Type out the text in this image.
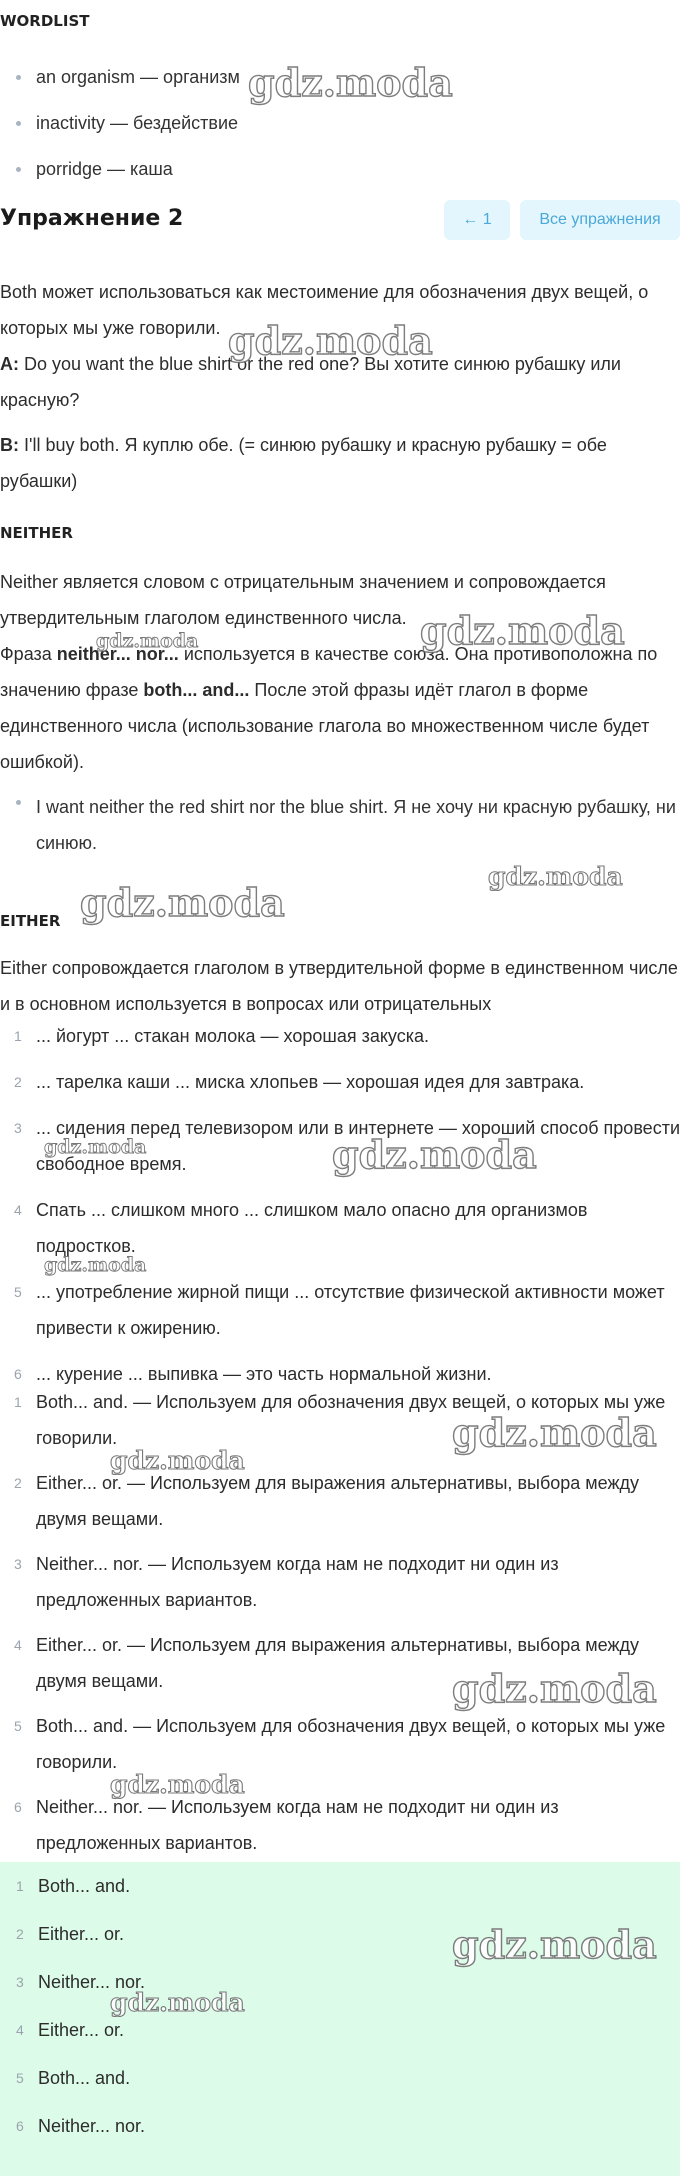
WORDLIST
an organism — организм
inactivity — бездействие
porridge — каша
Упражнение 2	← 1	Все упражнения

Both может использоваться как местоимение для обозначения двух вещей, о которых мы уже говорили.

A: Do you want the blue shirt or the red one? Вы хотите синюю рубашку или красную?

B: I'll buy both. Я куплю обе. (= синюю рубашку и красную рубашку = обе рубашки)

NEITHER

Neither является словом с отрицательным значением и сопровождается утвердительным глаголом единственного числа.

Фраза neither... nor... используется в качестве союза. Она противоположна по значению фразе both... and... После этой фразы идёт глагол в форме единственного числа (использование глагола во множественном числе будет ошибкой).

I want neither the red shirt nor the blue shirt. Я не хочу ни красную рубашку, ни синюю.
EITHER

Either сопровождается глаголом в утвердительной форме в единственном числе и в основном используется в вопросах или отрицательных

1 ... йогурт ... стакан молока — хорошая закуска.
2 ... тарелка каши ... миска хлопьев — хорошая идея для завтрака.
3 ... сидения перед телевизором или в интернете — хороший способ провести свободное время.
4 Спать ... слишком много ... слишком мало опасно для организмов подростков.
5 ... употребление жирной пищи ... отсутствие физической активности может привести к ожирению.
6 ... курение ... выпивка — это часть нормальной жизни.
1 Both... and. — Используем для обозначения двух вещей, о которых мы уже говорили.
2 Either... or. — Используем для выражения альтернативы, выбора между двумя вещами.
3 Neither... nor. — Используем когда нам не подходит ни один из предложенных вариантов.
4 Either... or. — Используем для выражения альтернативы, выбора между двумя вещами.
5 Both... and. — Используем для обозначения двух вещей, о которых мы уже говорили.
6 Neither... nor. — Используем когда нам не подходит ни один из предложенных вариантов.
1 Both... and.
2 Either... or.
3 Neither... nor.
4 Either... or.
5 Both... and.
6 Neither... nor.
gdz.moda
gdz.moda
gdz.moda
gdz.moda
gdz.moda
gdz.moda
gdz.moda	gdz.moda
gdz.moda
gdz.moda
gdz.moda
gdz.moda
gdz.moda
gdz.moda
gdz.moda
